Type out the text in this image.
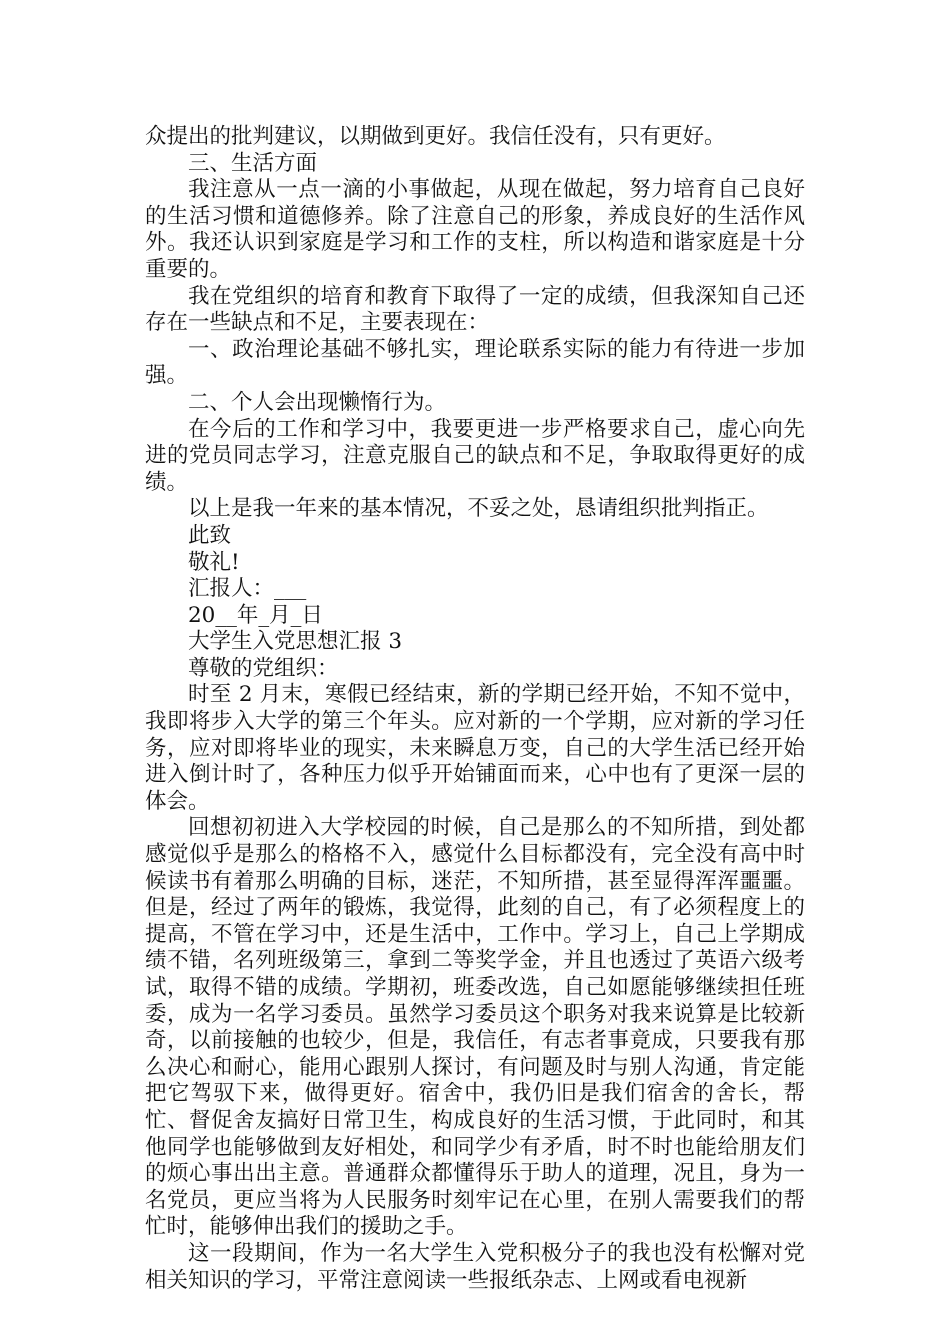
众提出的批判建议，以期做到更好。我信任没有，只有更好。

三、生活方面

我注意从一点一滴的小事做起，从现在做起，努力培育自己良好的生活习惯和道德修养。除了注意自己的形象，养成良好的生活作风外。我还认识到家庭是学习和工作的支柱，所以构造和谐家庭是十分重要的。

我在党组织的培育和教育下取得了一定的成绩，但我深知自己还存在一些缺点和不足，主要表现在：

一、政治理论基础不够扎实，理论联系实际的能力有待进一步加强。

二、个人会出现懒惰行为。

在今后的工作和学习中，我要更进一步严格要求自己，虚心向先进的党员同志学习，注意克服自己的缺点和不足，争取取得更好的成绩。

以上是我一年来的基本情况，不妥之处，恳请组织批判指正。

此致

敬礼!

汇报人：___

20__年_月_日

大学生入党思想汇报 3

尊敬的党组织：

时至 2 月末，寒假已经结束，新的学期已经开始，不知不觉中，我即将步入大学的第三个年头。应对新的一个学期，应对新的学习任务，应对即将毕业的现实，未来瞬息万变，自己的大学生活已经开始进入倒计时了，各种压力似乎开始铺面而来，心中也有了更深一层的体会。

回想初初进入大学校园的时候，自己是那么的不知所措，到处都感觉似乎是那么的格格不入，感觉什么目标都没有，完全没有高中时候读书有着那么明确的目标，迷茫，不知所措，甚至显得浑浑噩噩。但是，经过了两年的锻炼，我觉得，此刻的自己，有了必须程度上的提高，不管在学习中，还是生活中，工作中。学习上，自己上学期成绩不错，名列班级第三，拿到二等奖学金，并且也透过了英语六级考试，取得不错的成绩。学期初，班委改选，自己如愿能够继续担任班委，成为一名学习委员。虽然学习委员这个职务对我来说算是比较新奇，以前接触的也较少，但是，我信任，有志者事竟成，只要我有那么决心和耐心，能用心跟别人探讨，有问题及时与别人沟通，肯定能把它驾驭下来，做得更好。宿舍中，我仍旧是我们宿舍的舍长，帮忙、督促舍友搞好日常卫生，构成良好的生活习惯，于此同时，和其他同学也能够做到友好相处，和同学少有矛盾，时不时也能给朋友们的烦心事出出主意。普通群众都懂得乐于助人的道理，况且，身为一名党员，更应当将为人民服务时刻牢记在心里，在别人需要我们的帮忙时，能够伸出我们的援助之手。

这一段期间，作为一名大学生入党积极分子的我也没有松懈对党相关知识的学习，平常注意阅读一些报纸杂志、上网或看电视新
